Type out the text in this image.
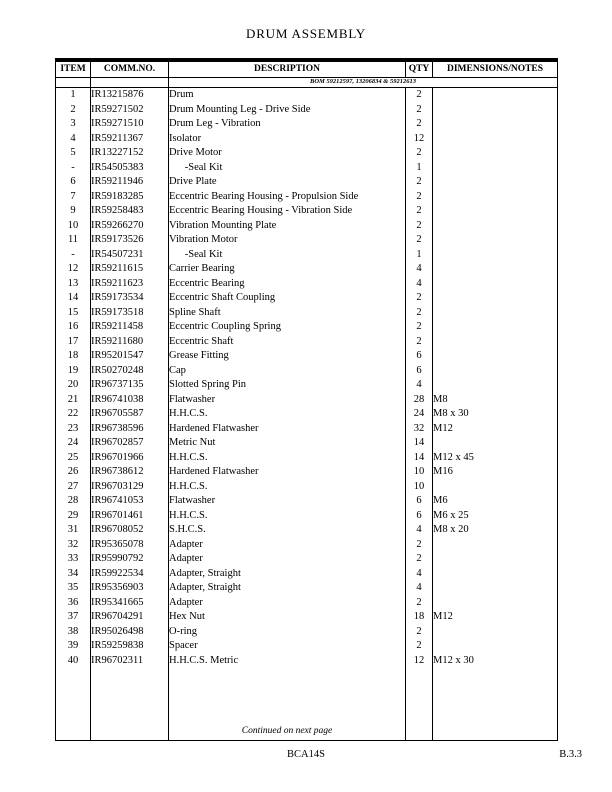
DRUM ASSEMBLY
ITEM	COMM.NO.	DESCRIPTION	QTY	DIMENSIONS/NOTES
		BOM 59212597, 13206834 & 59212613		
1	IR13215876	Drum	2	
2	IR59271502	Drum Mounting Leg - Drive Side	2	
3	IR59271510	Drum Leg - Vibration	2	
4	IR59211367	Isolator	12	
5	IR13227152	Drive Motor	2	
-	IR54505383	-Seal Kit	1	
6	IR59211946	Drive Plate	2	
7	IR59183285	Eccentric Bearing Housing - Propulsion Side	2	
9	IR59258483	Eccentric Bearing Housing - Vibration Side	2	
10	IR59266270	Vibration Mounting Plate	2	
11	IR59173526	Vibration Motor	2	
-	IR54507231	-Seal Kit	1	
12	IR59211615	Carrier Bearing	4	
13	IR59211623	Eccentric Bearing	4	
14	IR59173534	Eccentric Shaft Coupling	2	
15	IR59173518	Spline Shaft	2	
16	IR59211458	Eccentric Coupling Spring	2	
17	IR59211680	Eccentric Shaft	2	
18	IR95201547	Grease Fitting	6	
19	IR50270248	Cap	6	
20	IR96737135	Slotted Spring Pin	4	
21	IR96741038	Flatwasher	28	M8
22	IR96705587	H.H.C.S.	24	M8 x 30
23	IR96738596	Hardened Flatwasher	32	M12
24	IR96702857	Metric Nut	14	
25	IR96701966	H.H.C.S.	14	M12 x 45
26	IR96738612	Hardened Flatwasher	10	M16
27	IR96703129	H.H.C.S.	10	
28	IR96741053	Flatwasher	6	M6
29	IR96701461	H.H.C.S.	6	M6 x 25
31	IR96708052	S.H.C.S.	4	M8 x 20
32	IR95365078	Adapter	2	
33	IR95990792	Adapter	2	
34	IR59922534	Adapter, Straight	4	
35	IR95356903	Adapter, Straight	4	
36	IR95341665	Adapter	2	
37	IR96704291	Hex Nut	18	M12
38	IR95026498	O-ring	2	
39	IR59259838	Spacer	2	
40	IR96702311	H.H.C.S. Metric	12	M12 x 30

		Continued on next page		
BCA14S	B.3.3
